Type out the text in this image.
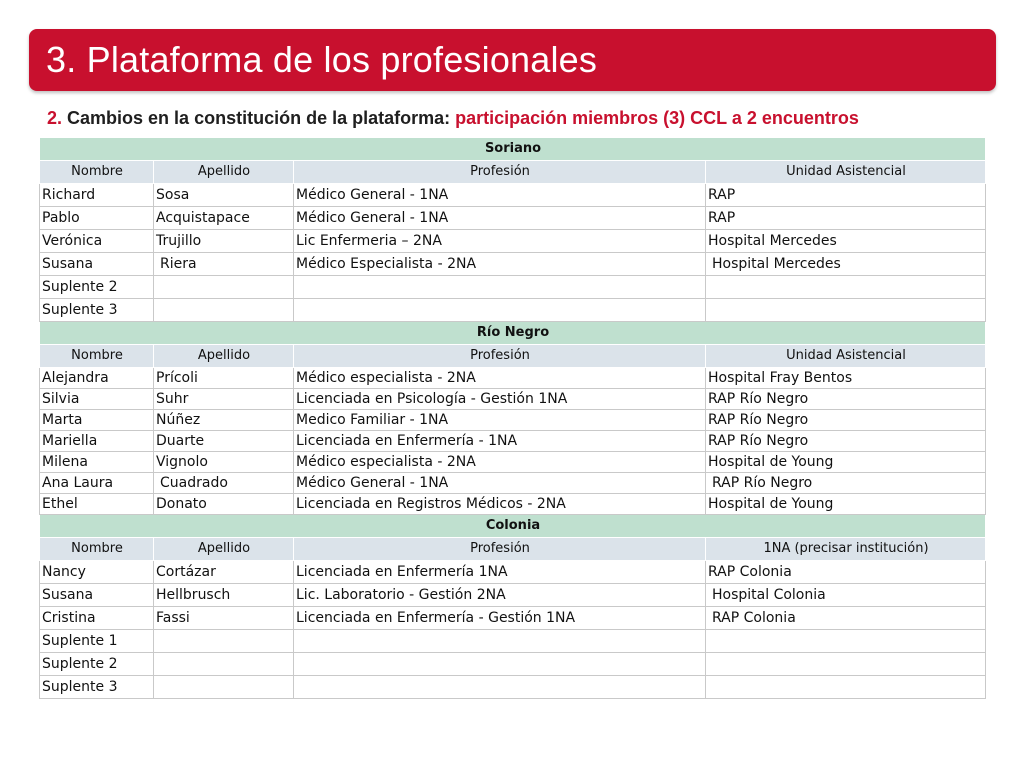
3. Plataforma de los profesionales
2. Cambios en la constitución de la plataforma: participación miembros (3) CCL a 2 encuentros
Soriano			
Nombre	Apellido	Profesión	Unidad Asistencial
Richard	Sosa	Médico General - 1NA	RAP
Pablo	Acquistapace	Médico General - 1NA	RAP
Verónica	Trujillo	Lic Enfermeria – 2NA	Hospital Mercedes
Susana	Riera	Médico Especialista - 2NA	Hospital Mercedes
Suplente 2			
Suplente 3			
Río Negro			
Nombre	Apellido	Profesión	Unidad Asistencial
Alejandra	Prícoli	Médico especialista - 2NA	Hospital Fray Bentos
Silvia	Suhr	Licenciada en Psicología - Gestión 1NA	RAP Río Negro
Marta	Núñez	Medico Familiar - 1NA	RAP Río Negro
Mariella	Duarte	Licenciada en Enfermería - 1NA	RAP Río Negro
Milena	Vignolo	Médico especialista - 2NA	Hospital de Young
Ana Laura	Cuadrado	Médico General - 1NA	RAP Río Negro
Ethel	Donato	Licenciada en Registros Médicos - 2NA	Hospital de Young
Colonia			
Nombre	Apellido	Profesión	1NA (precisar institución)
Nancy	Cortázar	Licenciada en Enfermería 1NA	RAP Colonia
Susana	Hellbrusch	Lic. Laboratorio - Gestión 2NA	Hospital Colonia
Cristina	Fassi	Licenciada en Enfermería - Gestión 1NA	RAP Colonia
Suplente 1			
Suplente 2			
Suplente 3			
